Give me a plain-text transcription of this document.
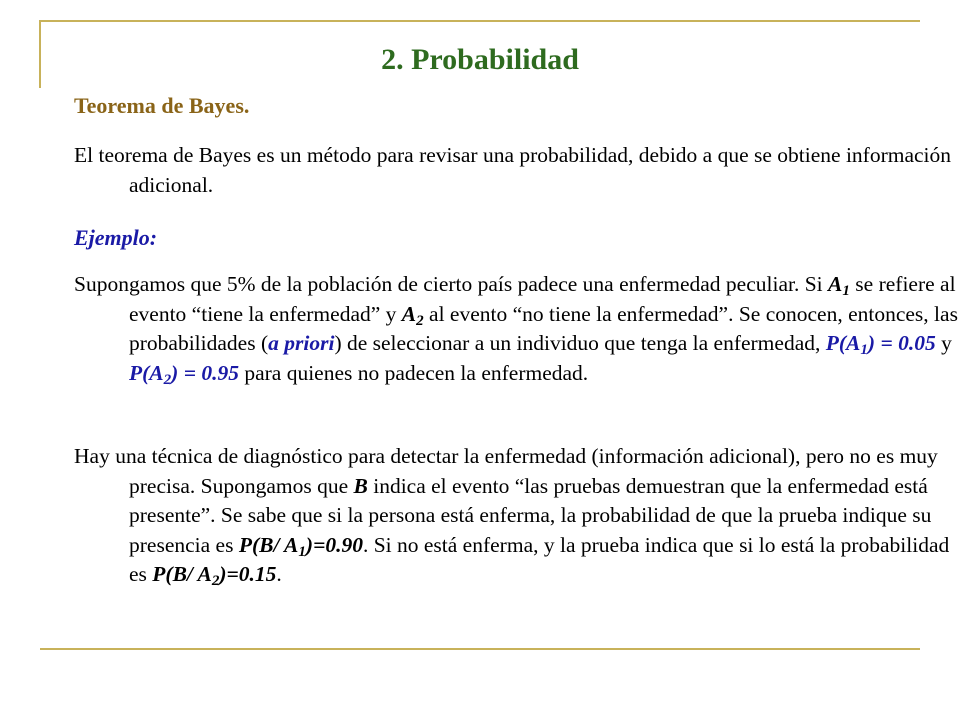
2. Probabilidad
Teorema de Bayes.
El teorema de Bayes es un método para revisar una probabilidad, debido a que se obtiene información adicional.
Ejemplo:
Supongamos que 5% de la población de cierto país padece una enfermedad peculiar. Si $A_1$ se refiere al evento “tiene la enfermedad” y $A_2$ al evento “no tiene la enfermedad”. Se conocen, entonces, las probabilidades (a priori) de seleccionar a un individuo que tenga la enfermedad, $P(A_1) = 0.05$ y $P(A_2) = 0.95$ para quienes no padecen la enfermedad.
Hay una técnica de diagnóstico para detectar la enfermedad (información adicional), pero no es muy precisa. Supongamos que B indica el evento “las pruebas demuestran que la enfermedad está presente”. Se sabe que si la persona está enferma, la probabilidad de que la prueba indique su presencia es P(B/ $A_1)=0.90$. Si no está enferma, y la prueba indica que si lo está la probabilidad es P(B/ $A_2)=0.15$.
